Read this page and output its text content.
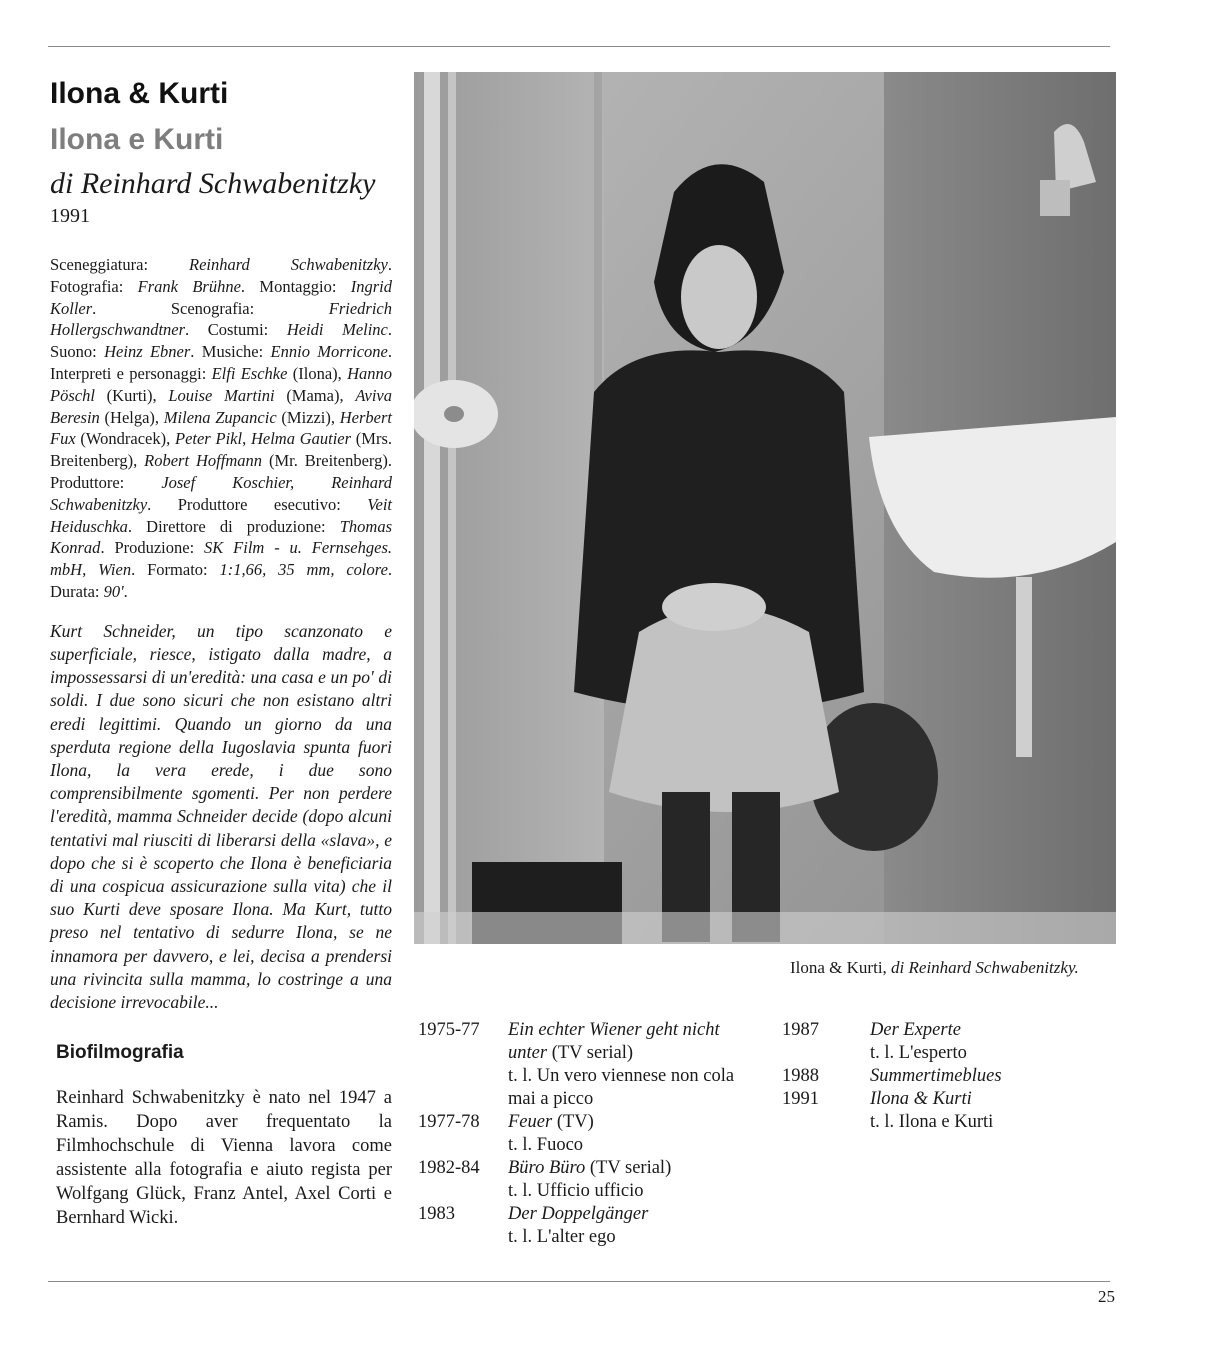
Ilona & Kurti
Ilona e Kurti

di Reinhard Schwabenitzky

1991

Sceneggiatura: Reinhard Schwabenitzky. Fotografia: Frank Brühne. Montaggio: Ingrid Koller. Scenografia: Friedrich Hollergschwandtner. Costumi: Heidi Melinc. Suono: Heinz Ebner. Musiche: Ennio Morricone. Interpreti e personaggi: Elfi Eschke (Ilona), Hanno Pöschl (Kurti), Louise Martini (Mama), Aviva Beresin (Helga), Milena Zupancic (Mizzi), Herbert Fux (Wondracek), Peter Pikl, Helma Gautier (Mrs. Breitenberg), Robert Hoffmann (Mr. Breitenberg). Produttore: Josef Koschier, Reinhard Schwabenitzky. Produttore esecutivo: Veit Heiduschka. Direttore di produzione: Thomas Konrad. Produzione: SK Film - u. Fernsehges. mbH, Wien. Formato: 1:1,66, 35 mm, colore. Durata: 90'.

Kurt Schneider, un tipo scanzonato e superficiale, riesce, istigato dalla madre, a impossessarsi di un'eredità: una casa e un po' di soldi. I due sono sicuri che non esistano altri eredi legittimi. Quando un giorno da una sperduta regione della Iugoslavia spunta fuori Ilona, la vera erede, i due sono comprensibilmente sgomenti. Per non perdere l'eredità, mamma Schneider decide (dopo alcuni tentativi mal riusciti di liberarsi della «slava», e dopo che si è scoperto che Ilona è beneficiaria di una cospicua assicurazione sulla vita) che il suo Kurti deve sposare Ilona. Ma Kurt, tutto preso nel tentativo di sedurre Ilona, se ne innamora per davvero, e lei, decisa a prendersi una rivincita sulla mamma, lo costringe a una decisione irrevocabile...

Biofilmografia

Reinhard Schwabenitzky è nato nel 1947 a Ramis. Dopo aver frequentato la Filmhochschule di Vienna lavora come assistente alla fotografia e aiuto regista per Wolfgang Glück, Franz Antel, Axel Corti e Bernhard Wicki.

Ilona & Kurti, di Reinhard Schwabenitzky.
1975-77	Ein echter Wiener geht nicht unter (TV serial)
t. l. Un vero viennese non cola mai a picco
1977-78	Feuer (TV)
t. l. Fuoco
1982-84	Büro Büro (TV serial)
t. l. Ufficio ufficio
1983	Der Doppelgänger
t. l. L'alter ego
1987	Der Experte
t. l. L'esperto
1988	Summertimeblues
1991	Ilona & Kurti
t. l. Ilona e Kurti
25
